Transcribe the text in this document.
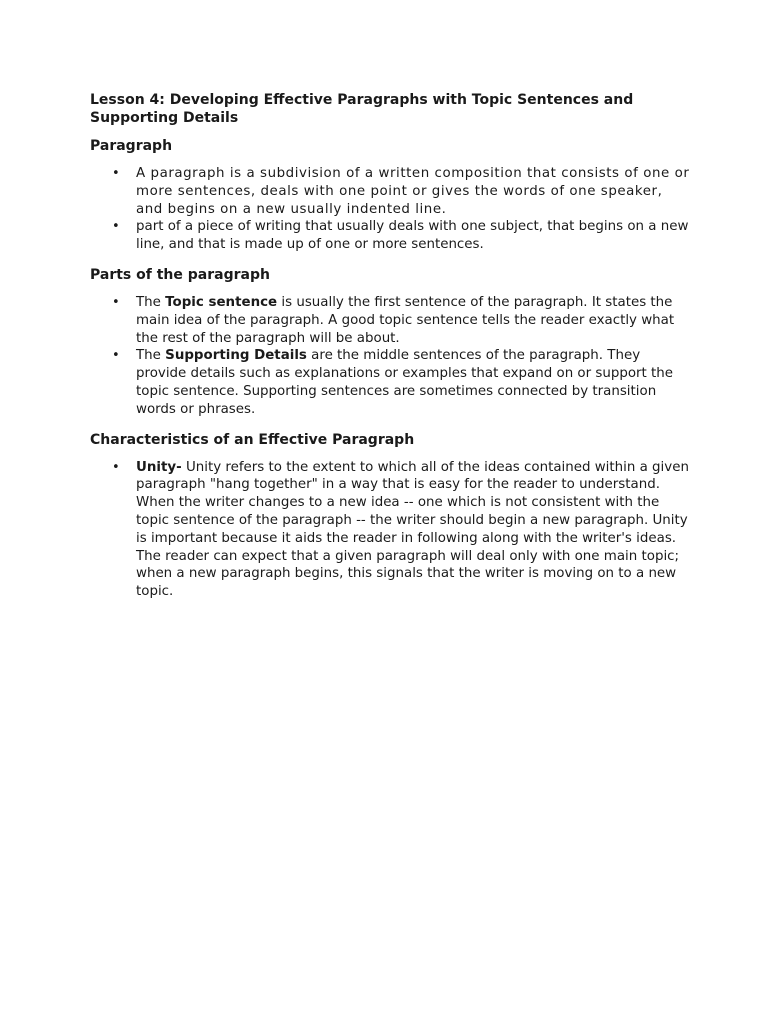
Lesson 4: Developing Effective Paragraphs with Topic Sentences and Supporting Details
Paragraph
• A paragraph is a subdivision of a written composition that consists of one or more sentences, deals with one point or gives the words of one speaker, and begins on a new usually indented line.
• part of a piece of writing that usually deals with one subject, that begins on a new line, and that is made up of one or more sentences.
Parts of the paragraph
• The Topic sentence is usually the first sentence of the paragraph. It states the main idea of the paragraph. A good topic sentence tells the reader exactly what the rest of the paragraph will be about.
• The Supporting Details are the middle sentences of the paragraph. They provide details such as explanations or examples that expand on or support the topic sentence. Supporting sentences are sometimes connected by transition words or phrases.
Characteristics of an Effective Paragraph
• Unity- Unity refers to the extent to which all of the ideas contained within a given paragraph "hang together" in a way that is easy for the reader to understand. When the writer changes to a new idea -- one which is not consistent with the topic sentence of the paragraph -- the writer should begin a new paragraph. Unity is important because it aids the reader in following along with the writer's ideas. The reader can expect that a given paragraph will deal only with one main topic; when a new paragraph begins, this signals that the writer is moving on to a new topic.
